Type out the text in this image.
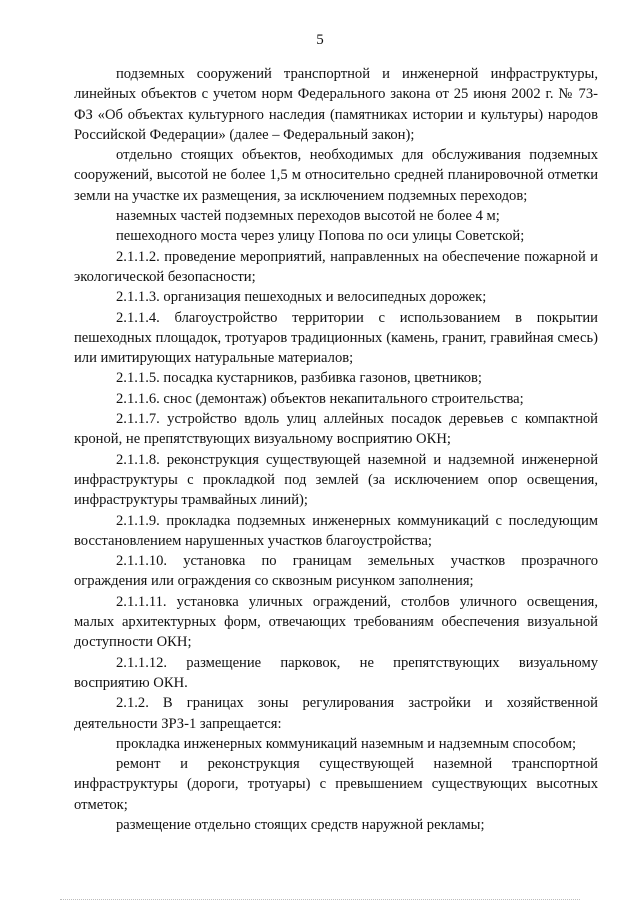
5

подземных сооружений транспортной и инженерной инфраструктуры, линейных объектов с учетом норм Федерального закона от 25 июня 2002 г. № 73-ФЗ «Об объектах культурного наследия (памятниках истории и культуры) народов Российской Федерации» (далее – Федеральный закон);

отдельно стоящих объектов, необходимых для обслуживания подземных сооружений, высотой не более 1,5 м относительно средней планировочной отметки земли на участке их размещения, за исключением подземных переходов;

наземных частей подземных переходов высотой не более 4 м;

пешеходного моста через улицу Попова по оси улицы Советской;

2.1.1.2. проведение мероприятий, направленных на обеспечение пожарной и экологической безопасности;

2.1.1.3. организация пешеходных и велосипедных дорожек;

2.1.1.4. благоустройство территории с использованием в покрытии пешеходных площадок, тротуаров традиционных (камень, гранит, гравийная смесь) или имитирующих натуральные материалов;

2.1.1.5. посадка кустарников, разбивка газонов, цветников;

2.1.1.6. снос (демонтаж) объектов некапитального строительства;

2.1.1.7. устройство вдоль улиц аллейных посадок деревьев с компактной кроной, не препятствующих визуальному восприятию ОКН;

2.1.1.8. реконструкция существующей наземной и надземной инженерной инфраструктуры с прокладкой под землей (за исключением опор освещения, инфраструктуры трамвайных линий);

2.1.1.9. прокладка подземных инженерных коммуникаций с последующим восстановлением нарушенных участков благоустройства;

2.1.1.10. установка по границам земельных участков прозрачного ограждения или ограждения со сквозным рисунком заполнения;

2.1.1.11. установка уличных ограждений, столбов уличного освещения, малых архитектурных форм, отвечающих требованиям обеспечения визуальной доступности ОКН;

2.1.1.12. размещение парковок, не препятствующих визуальному восприятию ОКН.

2.1.2. В границах зоны регулирования застройки и хозяйственной деятельности ЗРЗ-1 запрещается:

прокладка инженерных коммуникаций наземным и надземным способом;

ремонт и реконструкция существующей наземной транспортной инфраструктуры (дороги, тротуары) с превышением существующих высотных отметок;

размещение отдельно стоящих средств наружной рекламы;
